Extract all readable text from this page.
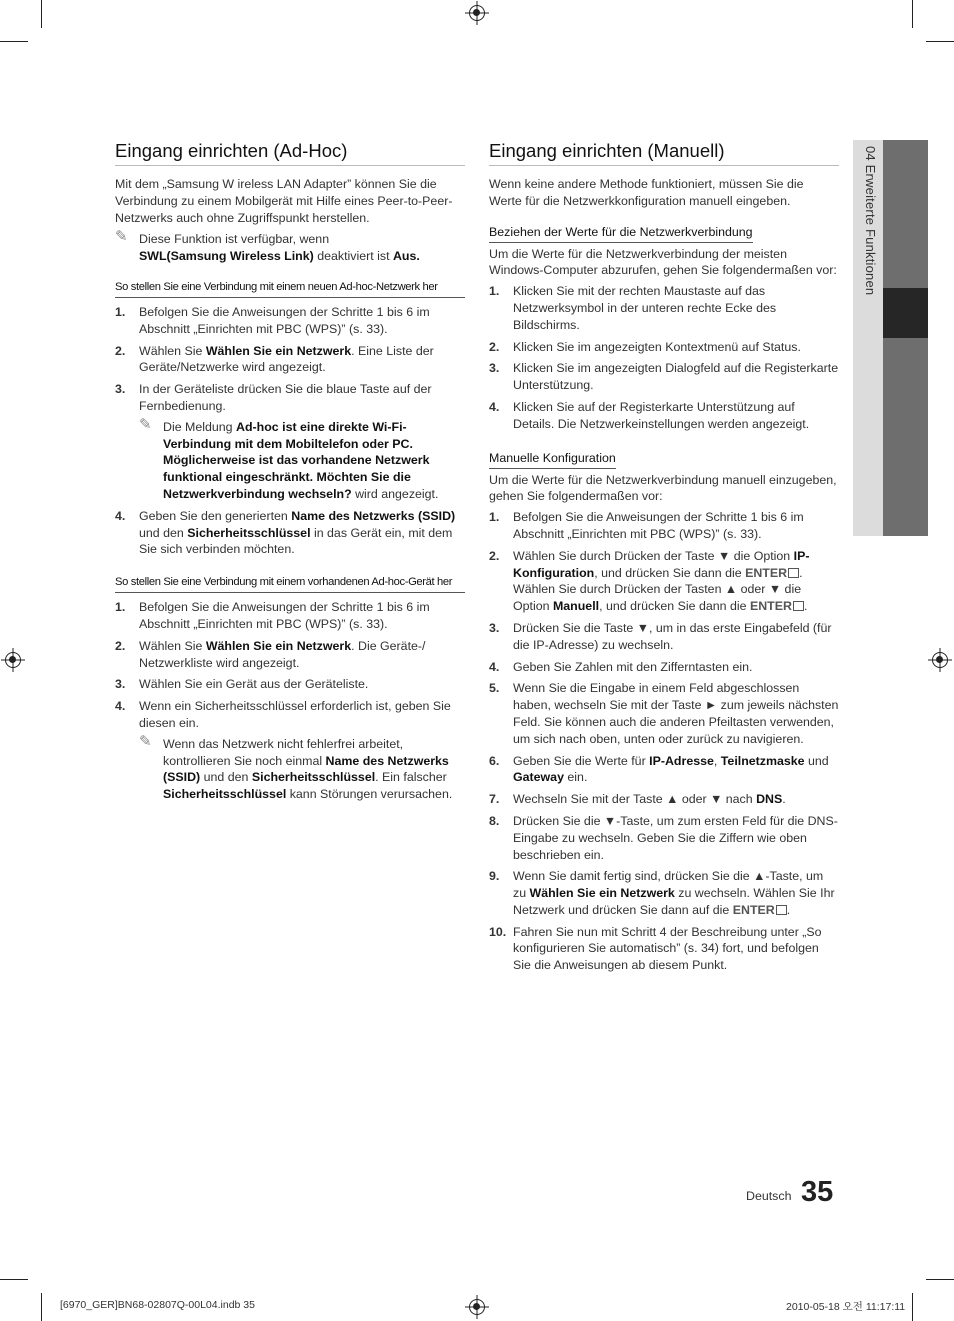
Eingang einrichten (Ad-Hoc)

Mit dem „Samsung W ireless LAN Adapter” können Sie die Verbindung zu einem Mobilgerät mit Hilfe eines Peer-to-Peer-Netzwerks auch ohne Zugriffspunkt herstellen.

✎ Diese Funktion ist verfügbar, wenn
SWL(Samsung Wireless Link) deaktiviert ist Aus.
So stellen Sie eine Verbindung mit einem neuen Ad-hoc-Netzwerk her
1. Befolgen Sie die Anweisungen der Schritte 1 bis 6 im Abschnitt „Einrichten mit PBC (WPS)” (s. 33).
2. Wählen Sie Wählen Sie ein Netzwerk. Eine Liste der Geräte/Netzwerke wird angezeigt.
3. In der Geräteliste drücken Sie die blaue Taste auf der Fernbedienung.
✎ Die Meldung Ad-hoc ist eine direkte Wi-Fi-Verbindung mit dem Mobiltelefon oder PC. Möglicherweise ist das vorhandene Netzwerk funktional eingeschränkt. Möchten Sie die Netzwerkverbindung wechseln? wird angezeigt.
4. Geben Sie den generierten Name des Netzwerks (SSID) und den Sicherheitsschlüssel in das Gerät ein, mit dem Sie sich verbinden möchten.
So stellen Sie eine Verbindung mit einem vorhandenen Ad-hoc-Gerät her
1. Befolgen Sie die Anweisungen der Schritte 1 bis 6 im Abschnitt „Einrichten mit PBC (WPS)” (s. 33).
2. Wählen Sie Wählen Sie ein Netzwerk. Die Geräte-/ Netzwerkliste wird angezeigt.
3. Wählen Sie ein Gerät aus der Geräteliste.
4. Wenn ein Sicherheitsschlüssel erforderlich ist, geben Sie diesen ein.
✎ Wenn das Netzwerk nicht fehlerfrei arbeitet, kontrollieren Sie noch einmal Name des Netzwerks (SSID) und den Sicherheitsschlüssel. Ein falscher Sicherheitsschlüssel kann Störungen verursachen.
Eingang einrichten (Manuell)

Wenn keine andere Methode funktioniert, müssen Sie die Werte für die Netzwerkkonfiguration manuell eingeben.

Beziehen der Werte für die Netzwerkverbindung

Um die Werte für die Netzwerkverbindung der meisten Windows-Computer abzurufen, gehen Sie folgendermaßen vor:

1. Klicken Sie mit der rechten Maustaste auf das Netzwerksymbol in der unteren rechte Ecke des Bildschirms.
2. Klicken Sie im angezeigten Kontextmenü auf Status.
3. Klicken Sie im angezeigten Dialogfeld auf die Registerkarte Unterstützung.
4. Klicken Sie auf der Registerkarte Unterstützung auf Details. Die Netzwerkeinstellungen werden angezeigt.
Manuelle Konfiguration

Um die Werte für die Netzwerkverbindung manuell einzugeben, gehen Sie folgendermaßen vor:

1. Befolgen Sie die Anweisungen der Schritte 1 bis 6 im Abschnitt „Einrichten mit PBC (WPS)” (s. 33).
2. Wählen Sie durch Drücken der Taste ▼ die Option IP-Konfiguration, und drücken Sie dann die ENTER . Wählen Sie durch Drücken der Tasten ▲ oder ▼ die Option Manuell, und drücken Sie dann die ENTER .
3. Drücken Sie die Taste ▼, um in das erste Eingabefeld (für die IP-Adresse) zu wechseln.
4. Geben Sie Zahlen mit den Zifferntasten ein.
5. Wenn Sie die Eingabe in einem Feld abgeschlossen haben, wechseln Sie mit der Taste ► zum jeweils nächsten Feld. Sie können auch die anderen Pfeiltasten verwenden, um sich nach oben, unten oder zurück zu navigieren.
6. Geben Sie die Werte für IP-Adresse, Teilnetzmaske und Gateway ein.
7. Wechseln Sie mit der Taste ▲ oder ▼ nach DNS.
8. Drücken Sie die ▼-Taste, um zum ersten Feld für die DNS-Eingabe zu wechseln. Geben Sie die Ziffern wie oben beschrieben ein.
9. Wenn Sie damit fertig sind, drücken Sie die ▲-Taste, um zu Wählen Sie ein Netzwerk zu wechseln. Wählen Sie Ihr Netzwerk und drücken Sie dann auf die ENTER .
10. Fahren Sie nun mit Schritt 4 der Beschreibung unter „So konfigurieren Sie automatisch” (s. 34) fort, und befolgen Sie die Anweisungen ab diesem Punkt.
04 Erweiterte Funktionen
Deutsch 35
[6970_GER]BN68-02807Q-00L04.indb 35	2010-05-18 오전 11:17:11
